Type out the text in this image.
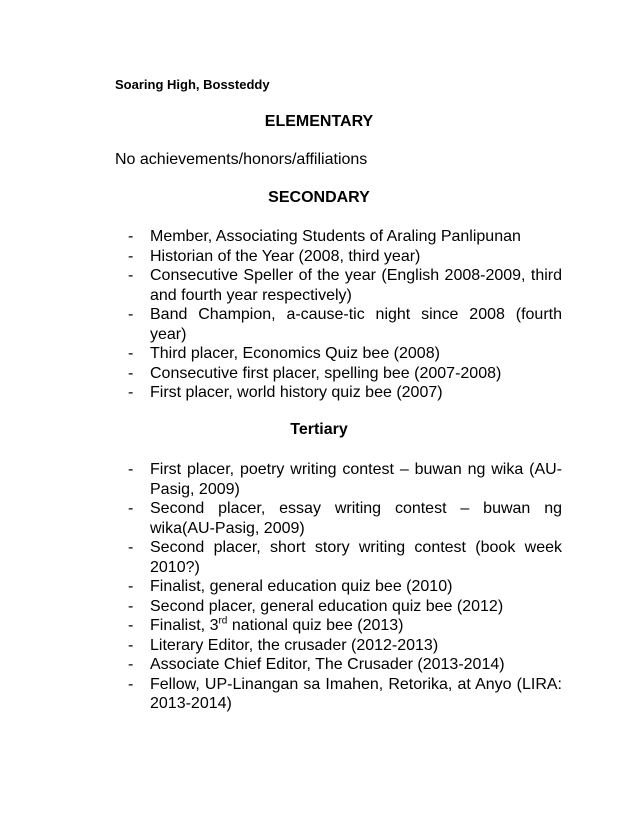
Soaring High, Bossteddy
ELEMENTARY
No achievements/honors/affiliations
SECONDARY
-	Member, Associating Students of Araling Panlipunan
-	Historian of the Year (2008, third year)
-	Consecutive Speller of the year (English 2008-2009, third and fourth year respectively)
-	Band Champion, a-cause-tic night since 2008 (fourth year)
-	Third placer, Economics Quiz bee (2008)
-	Consecutive first placer, spelling bee (2007-2008)
-	First placer, world history quiz bee (2007)
Tertiary
-	First placer, poetry writing contest – buwan ng wika (AU-Pasig, 2009)
-	Second placer, essay writing contest – buwan ng wika(AU-Pasig, 2009)
-	Second placer, short story writing contest (book week 2010?)
-	Finalist, general education quiz bee (2010)
-	Second placer, general education quiz bee (2012)
-	Finalist, 3rd national quiz bee (2013)
-	Literary Editor, the crusader (2012-2013)
-	Associate Chief Editor, The Crusader (2013-2014)
-	Fellow, UP-Linangan sa Imahen, Retorika, at Anyo (LIRA: 2013-2014)
